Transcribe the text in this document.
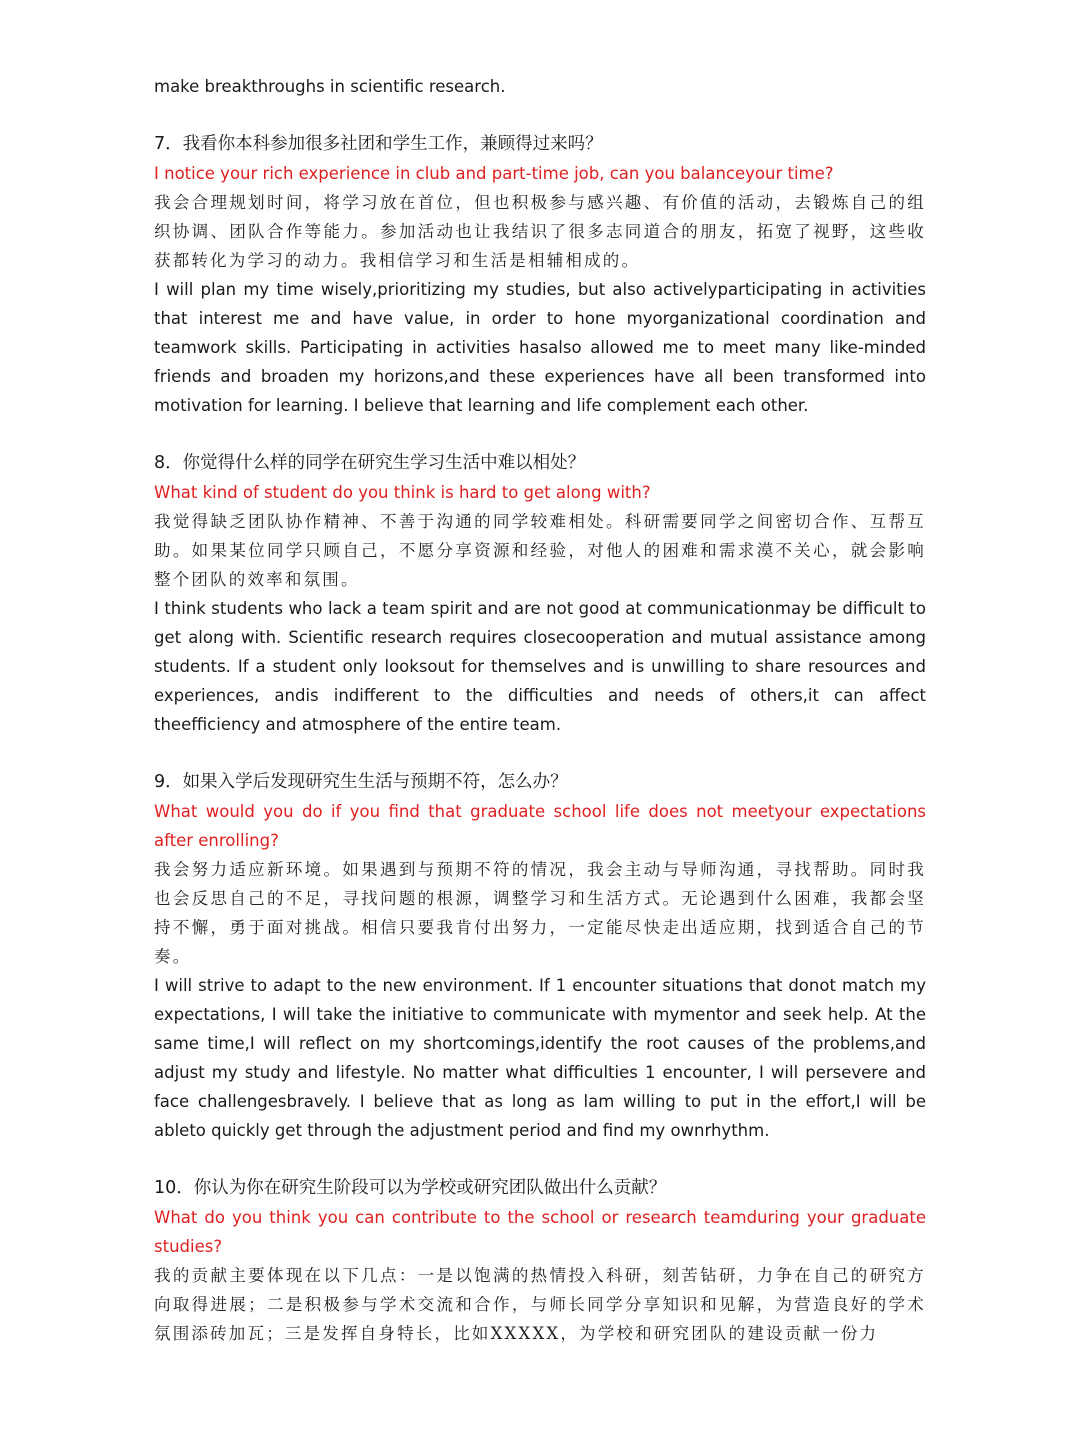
make breakthroughs in scientific research.

7．我看你本科参加很多社团和学生工作，兼顾得过来吗？

I notice your rich experience in club and part-time job, can you balanceyour time?

我会合理规划时间，将学习放在首位，但也积极参与感兴趣、有价值的活动，去锻炼自己的组织协调、团队合作等能力。参加活动也让我结识了很多志同道合的朋友，拓宽了视野，这些收获都转化为学习的动力。我相信学习和生活是相辅相成的。

I will plan my time wisely,prioritizing my studies, but also activelyparticipating in activities that interest me and have value, in order to hone myorganizational coordination and teamwork skills. Participating in activities hasalso allowed me to meet many like-minded friends and broaden my horizons,and these experiences have all been transformed into motivation for learning. I believe that learning and life complement each other.

8．你觉得什么样的同学在研究生学习生活中难以相处？

What kind of student do you think is hard to get along with?

我觉得缺乏团队协作精神、不善于沟通的同学较难相处。科研需要同学之间密切合作、互帮互助。如果某位同学只顾自己，不愿分享资源和经验，对他人的困难和需求漠不关心，就会影响整个团队的效率和氛围。

I think students who lack a team spirit and are not good at communicationmay be difficult to get along with. Scientific research requires closecooperation and mutual assistance among students. If a student only looksout for themselves and is unwilling to share resources and experiences, andis indifferent to the difficulties and needs of others,it can affect theefficiency and atmosphere of the entire team.

9．如果入学后发现研究生生活与预期不符，怎么办？

What would you do if you find that graduate school life does not meetyour expectations after enrolling?

我会努力适应新环境。如果遇到与预期不符的情况，我会主动与导师沟通，寻找帮助。同时我也会反思自己的不足，寻找问题的根源，调整学习和生活方式。无论遇到什么困难，我都会坚持不懈，勇于面对挑战。相信只要我肯付出努力，一定能尽快走出适应期，找到适合自己的节奏。

I will strive to adapt to the new environment. If 1 encounter situations that donot match my expectations, I will take the initiative to communicate with mymentor and seek help. At the same time,I will reflect on my shortcomings,identify the root causes of the problems,and adjust my study and lifestyle. No matter what difficulties 1 encounter, I will persevere and face challengesbravely. I believe that as long as lam willing to put in the effort,I will be ableto quickly get through the adjustment period and find my ownrhythm.

10．你认为你在研究生阶段可以为学校或研究团队做出什么贡献？

What do you think you can contribute to the school or research teamduring your graduate studies?

我的贡献主要体现在以下几点：一是以饱满的热情投入科研，刻苦钻研，力争在自己的研究方向取得进展；二是积极参与学术交流和合作，与师长同学分享知识和见解，为营造良好的学术氛围添砖加瓦；三是发挥自身特长，比如XXXXX，为学校和研究团队的建设贡献一份力
